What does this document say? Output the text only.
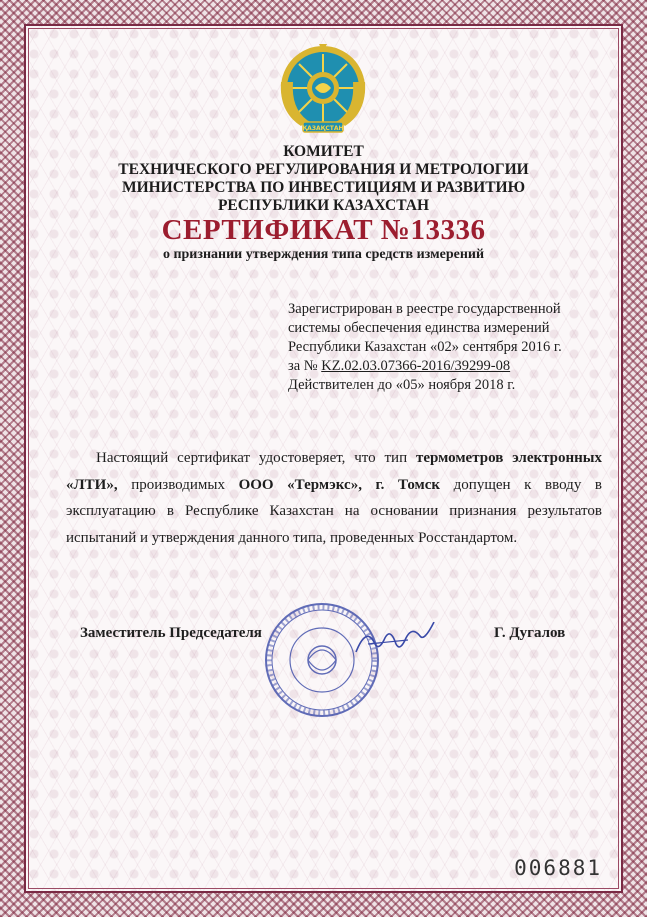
ҚАЗАҚСТАН
КОМИТЕТ
ТЕХНИЧЕСКОГО РЕГУЛИРОВАНИЯ И МЕТРОЛОГИИ
МИНИСТЕРСТВА ПО ИНВЕСТИЦИЯМ И РАЗВИТИЮ
РЕСПУБЛИКИ КАЗАХСТАН
СЕРТИФИКАТ №13336
о признании утверждения типа средств измерений
Зарегистрирован в реестре государственной
системы обеспечения единства измерений
Республики Казахстан «02» сентября 2016 г.
за № KZ.02.03.07366-2016/39299-08
Действителен до «05» ноября 2018 г.
Настоящий сертификат удостоверяет, что тип термометров электронных «ЛТИ», производимых ООО «Термэкс», г. Томск допущен к вводу в эксплуатацию в Республике Казахстан на основании признания результатов испытаний и утверждения данного типа, проведенных Росстандартом.
Заместитель Председателя	Г. Дугалов
006881
